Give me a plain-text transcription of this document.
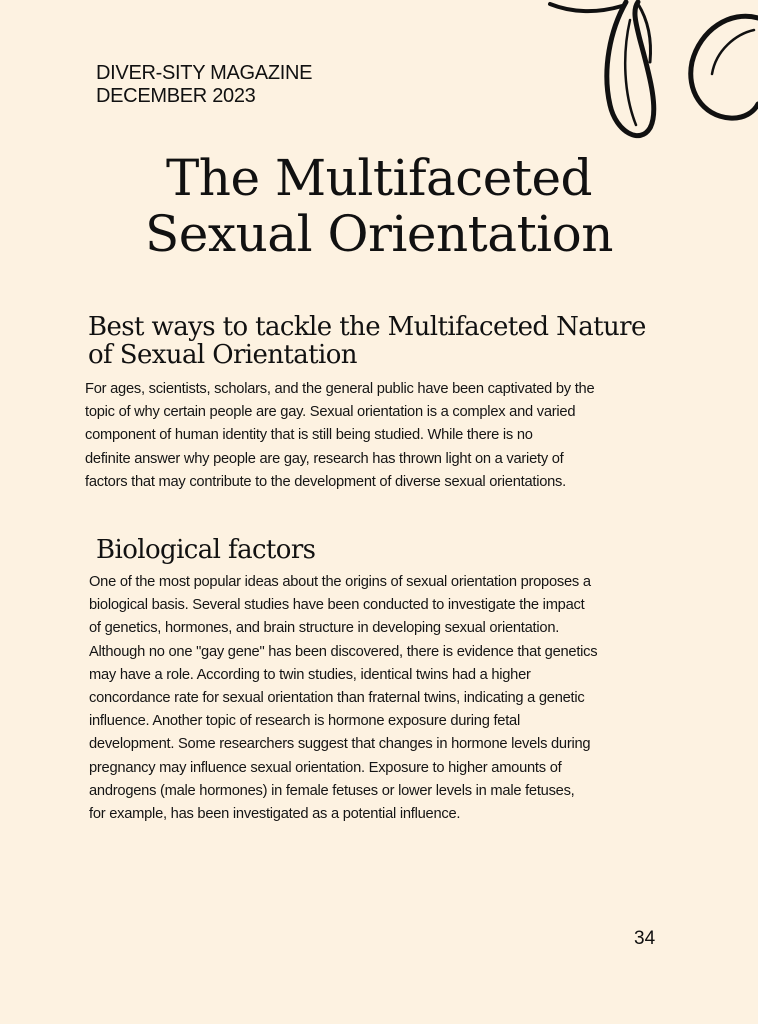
DIVER-SITY MAGAZINE
DECEMBER 2023
The Multifaceted
Sexual Orientation
Best ways to tackle the Multifaceted Nature
of Sexual Orientation
For ages, scientists, scholars, and the general public have been captivated by the
topic of why certain people are gay. Sexual orientation is a complex and varied
component of human identity that is still being studied. While there is no
definite answer why people are gay, research has thrown light on a variety of
factors that may contribute to the development of diverse sexual orientations.
Biological factors
One of the most popular ideas about the origins of sexual orientation proposes a
biological basis. Several studies have been conducted to investigate the impact
of genetics, hormones, and brain structure in developing sexual orientation.
Although no one "gay gene" has been discovered, there is evidence that genetics
may have a role. According to twin studies, identical twins had a higher
concordance rate for sexual orientation than fraternal twins, indicating a genetic
influence. Another topic of research is hormone exposure during fetal
development. Some researchers suggest that changes in hormone levels during
pregnancy may influence sexual orientation. Exposure to higher amounts of
androgens (male hormones) in female fetuses or lower levels in male fetuses,
for example, has been investigated as a potential influence.
34
